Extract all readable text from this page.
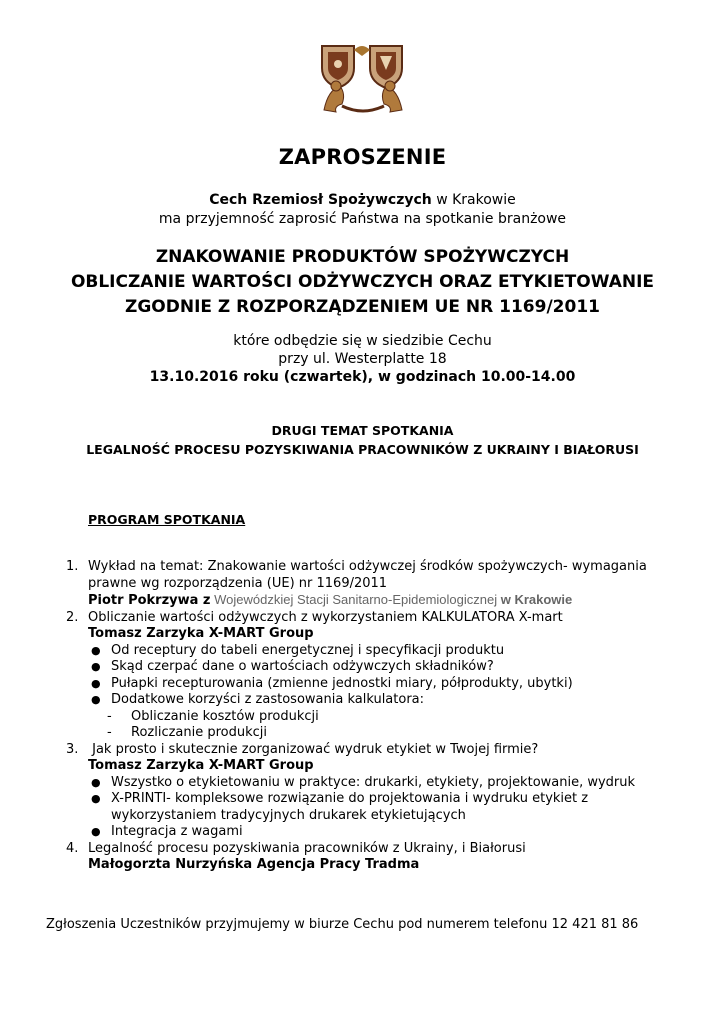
ZAPROSZENIE
Cech Rzemiosł Spożywczych w Krakowie
ma przyjemność zaprosić Państwa na spotkanie branżowe
ZNAKOWANIE PRODUKTÓW SPOŻYWCZYCH
OBLICZANIE WARTOŚCI ODŻYWCZYCH ORAZ ETYKIETOWANIE
ZGODNIE Z ROZPORZĄDZENIEM UE NR 1169/2011
które odbędzie się w siedzibie Cechu
przy ul. Westerplatte 18
13.10.2016 roku (czwartek), w godzinach 10.00-14.00
DRUGI TEMAT SPOTKANIA
LEGALNOŚĆ PROCESU POZYSKIWANIA PRACOWNIKÓW Z UKRAINY I BIAŁORUSI
PROGRAM SPOTKANIA
1. Wykład na temat: Znakowanie wartości odżywczej środków spożywczych- wymagania
prawne wg rozporządzenia (UE) nr 1169/2011
Piotr Pokrzywa z Wojewódzkiej Stacji Sanitarno-Epidemiologicznej w Krakowie
2. Obliczanie wartości odżywczych z wykorzystaniem KALKULATORA X-mart
Tomasz Zarzyka X-MART Group
● Od receptury do tabeli energetycznej i specyfikacji produktu
● Skąd czerpać dane o wartościach odżywczych składników?
● Pułapki recepturowania (zmienne jednostki miary, półprodukty, ubytki)
● Dodatkowe korzyści z zastosowania kalkulatora:
- Obliczanie kosztów produkcji
- Rozliczanie produkcji
3. Jak prosto i skutecznie zorganizować wydruk etykiet w Twojej firmie?
Tomasz Zarzyka X-MART Group
● Wszystko o etykietowaniu w praktyce: drukarki, etykiety, projektowanie, wydruk
● X-PRINTI- kompleksowe rozwiązanie do projektowania i wydruku etykiet z
wykorzystaniem tradycyjnych drukarek etykietujących
● Integracja z wagami
4. Legalność procesu pozyskiwania pracowników z Ukrainy, i Białorusi
Małogorzta Nurzyńska Agencja Pracy Tradma
Zgłoszenia Uczestników przyjmujemy w biurze Cechu pod numerem telefonu 12 421 81 86
